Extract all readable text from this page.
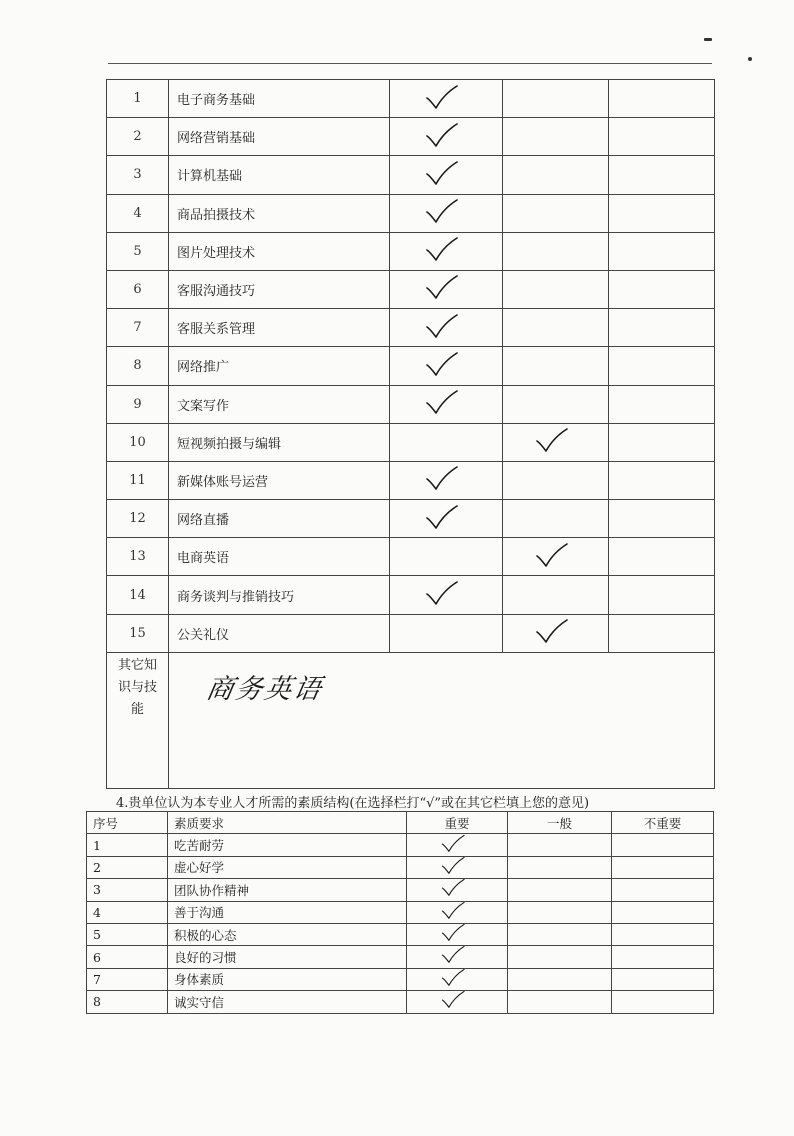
1	电子商务基础	

2	网络营销基础	

3	计算机基础	

4	商品拍摄技术	

5	图片处理技术	

6	客服沟通技巧	

7	客服关系管理	

8	网络推广	

9	文案写作	

10	短视频拍摄与编辑		

11	新媒体账号运营	

12	网络直播	

13	电商英语		

14	商务谈判与推销技巧	

15	公关礼仪		

其它知
识与技
能	商务英语			
4.贵单位认为本专业人才所需的素质结构(在选择栏打“√”或在其它栏填上您的意见)
序号	素质要求	重要	一般	不重要
1	吃苦耐劳	

2	虚心好学	

3	团队协作精神	

4	善于沟通	

5	积极的心态	

6	良好的习惯	

7	身体素质	

8	诚实守信	
